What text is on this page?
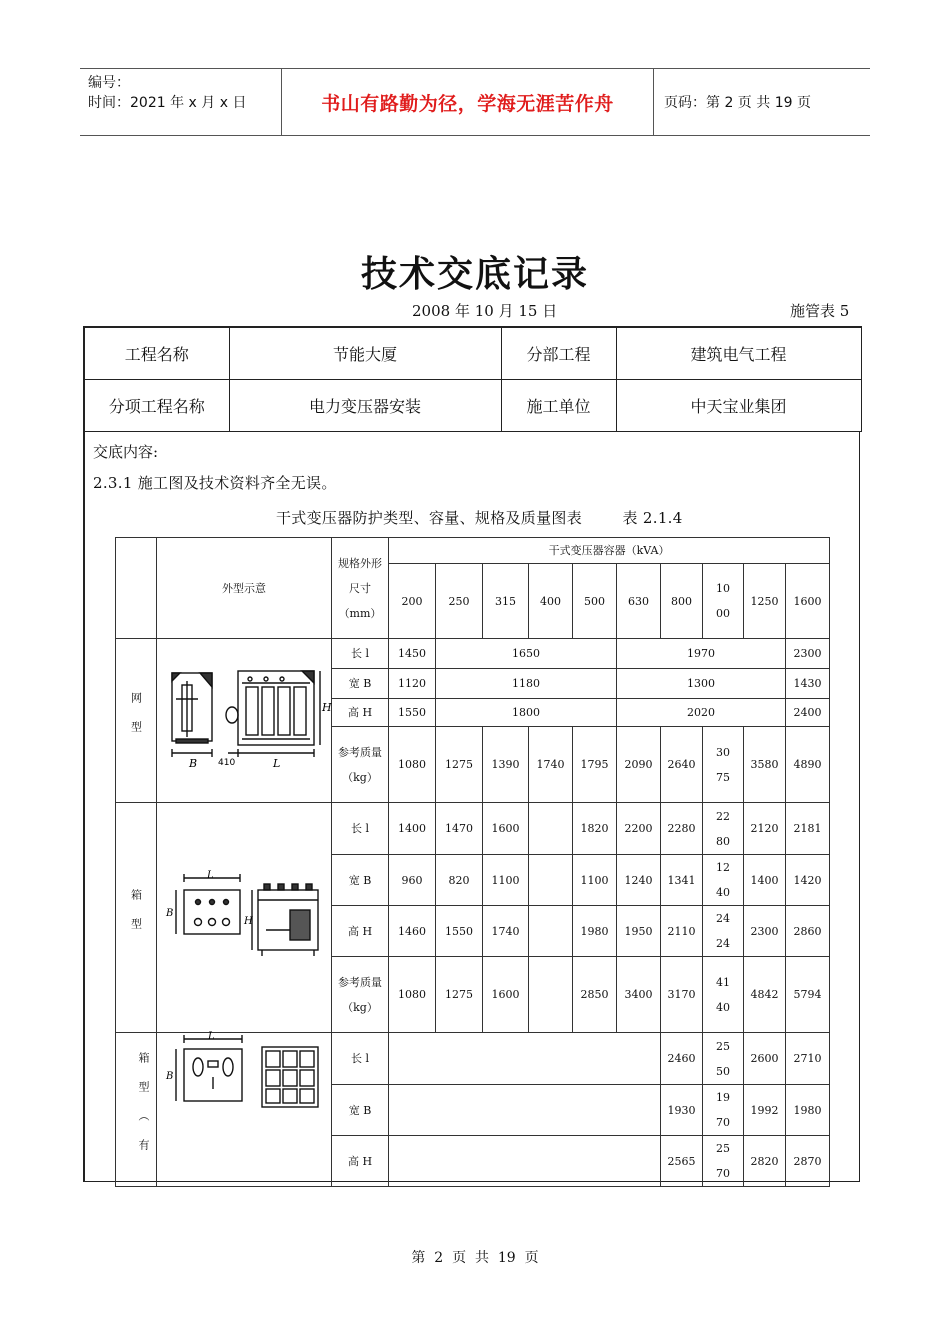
编号：
时间：2021 年 x 月 x 日	书山有路勤为径，学海无涯苦作舟	页码：第 2 页 共 19 页
技术交底记录
2008 年 10 月 15 日	施管表 5
工程名称	节能大厦	分部工程	建筑电气工程
分项工程名称	电力变压器安装	施工单位	中天宝业集团
交底内容:
2.3.1 施工图及技术资料齐全无误。
干式变压器防护类型、容量、规格及质量图表        表 2.1.4
	外型示意	规格外形尺寸（mm）	干式变压器容器（kVA）									
			200	250	315	400	500	630	800	1000	1250	1600
网型	B 410 L
H	长 l	1450	1650				1970				2300
		宽 B	1120	1180				1300				1430
		高 H	1550	1800				2020				2400
		参考质量（kg）	1080	1275	1390	1740	1795	2090	2640	3075	3580	4890
箱型	L
B
H	长 l	1400	1470	1600		1820	2200	2280	2280	2120	2181
		宽 B	960	820	1100		1100	1240	1341	1240	1400	1420
		高 H	1460	1550	1740		1980	1950	2110	2424	2300	2860
		参考质量（kg）	1080	1275	1600		2850	3400	3170	4140	4842	5794
箱型（有	L
B	长 l							2460	2550	2600	2710
		宽 B							1930	1970	1992	1980
		高 H							2565	2570	2820	2870
第  2  页  共  19  页
